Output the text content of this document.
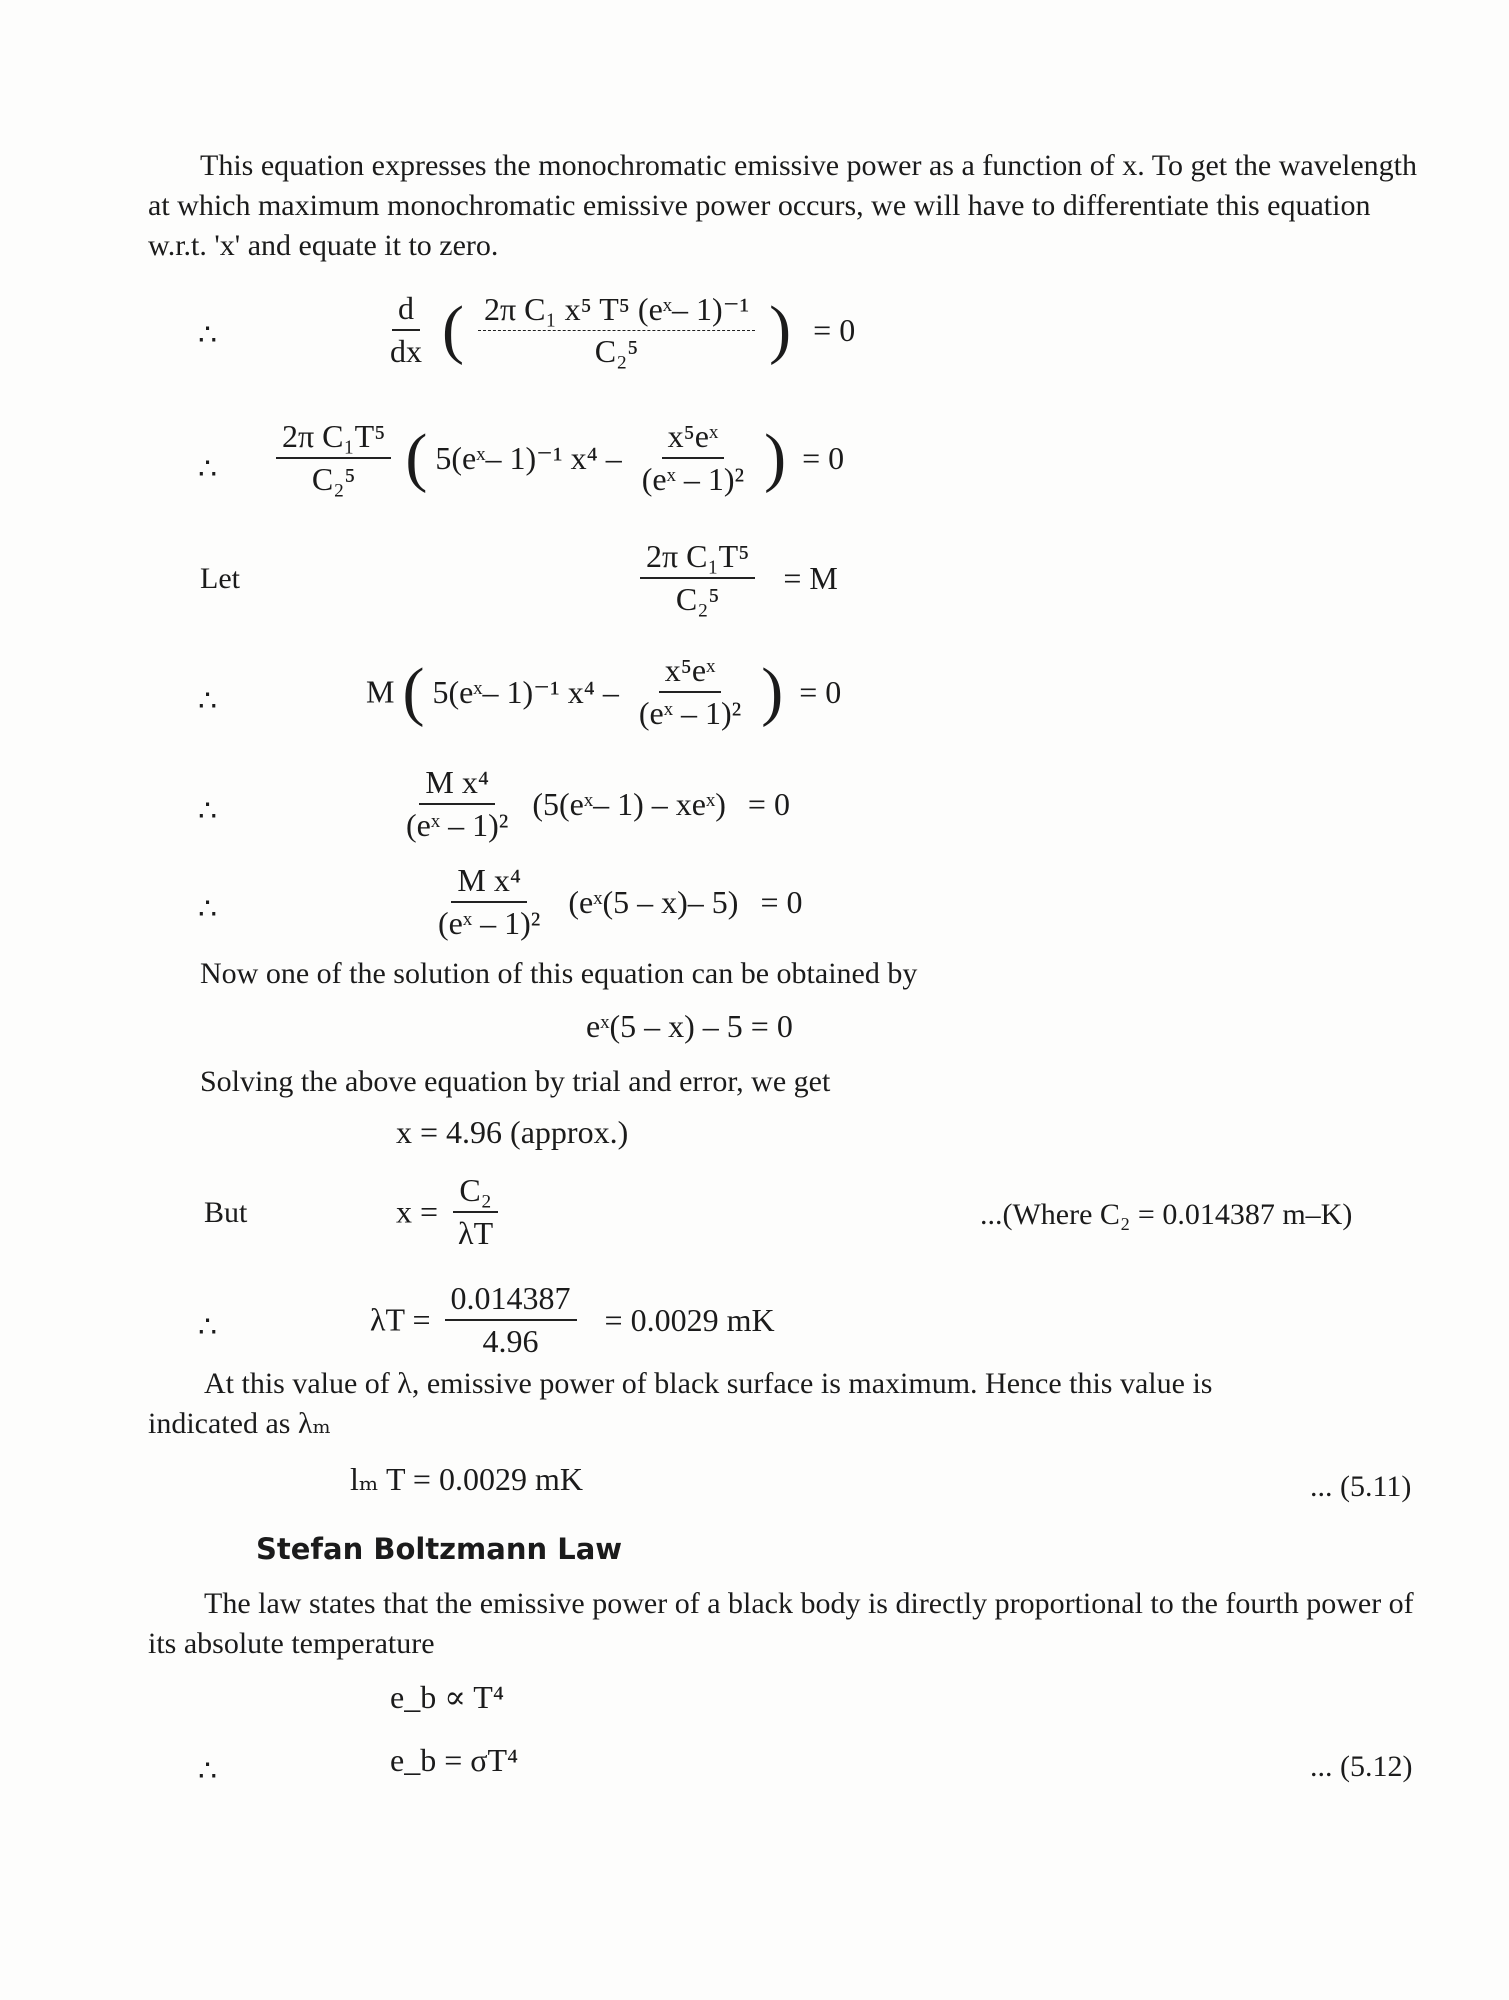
This equation expresses the monochromatic emissive power as a function of x. To get the wavelength at which maximum monochromatic emissive power occurs, we will have to differentiate this equation w.r.t. 'x' and equate it to zero.
∴	$\frac{d}{dx}$ ( $\frac{\text{2π C₁ x⁵ T⁵ (eˣ– 1)⁻¹}}{\text{C₂⁵}}$ ) = 0
∴ $\frac{\text{2π C₁T⁵}}{\text{C₂⁵}}$ ( 5(eˣ– 1)⁻¹ $x^4 - \frac{\text{x⁵eˣ}}{\text{(eˣ – 1)²}}$ ) = 0
Let	$\frac{\text{2π C₁T⁵}}{\text{C₂⁵}} = M$
∴	M ( 5(eˣ– 1)⁻¹ $x^4 - \frac{\text{x⁵eˣ}}{\text{(eˣ – 1)²}}$ ) = 0
∴	$\frac{\text{M x⁴}}{\text{(eˣ – 1)²}}$ (5(eˣ– 1) – xeˣ) = 0
∴	$\frac{\text{M x⁴}}{\text{(eˣ – 1)²}}$ (eˣ(5 – x)– 5) = 0
Now one of the solution of this equation can be obtained by
eˣ(5 – x) – 5 = 0
Solving the above equation by trial and error, we get
x = 4.96 (approx.)
But	$x = \frac{\text{C₂}}{\lambda T}$	...(Where C₂ = 0.014387 m–K)
∴	$\lambda T = \frac{0.014387}{4.96} = 0.0029$ mK
At this value of λ, emissive power of black surface is maximum. Hence this value is
indicated as λₘ
lₘ T = 0.0029 mK	... (5.11)
Stefan Boltzmann Law
The law states that the emissive power of a black body is directly proportional to the fourth power of its absolute temperature
e_b ∝ T⁴
∴	e_b = σT⁴	... (5.12)
